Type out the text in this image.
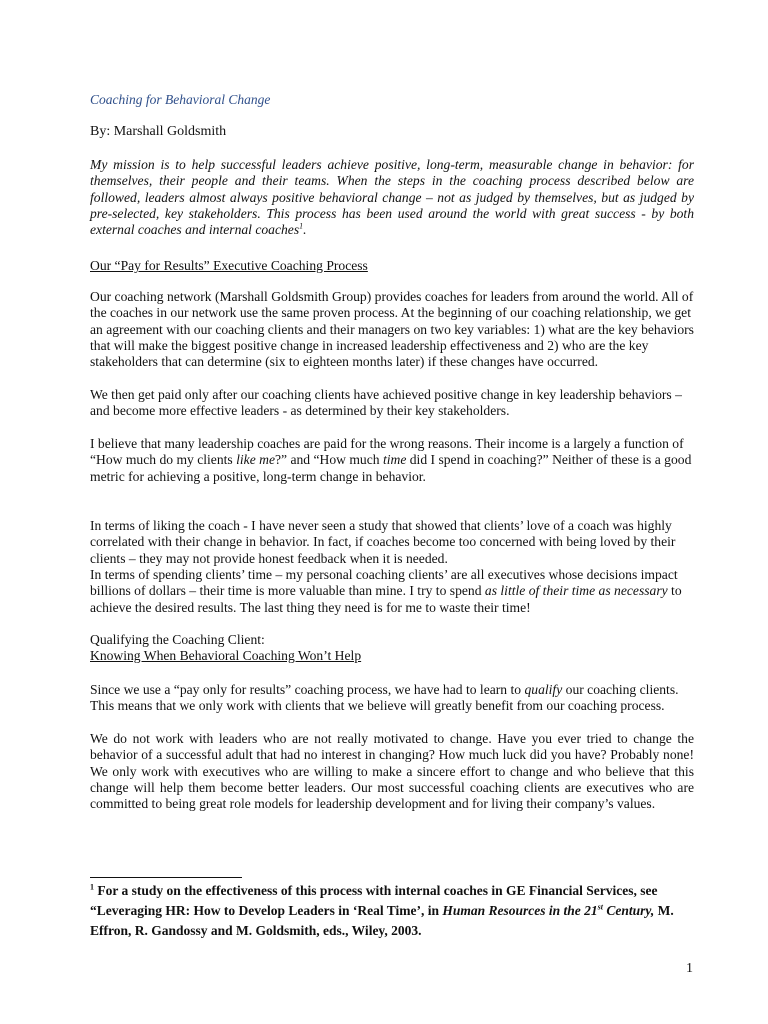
Coaching for Behavioral Change
By: Marshall Goldsmith
My mission is to help successful leaders achieve positive, long-term, measurable change in behavior: for themselves, their people and their teams. When the steps in the coaching process described below are followed, leaders almost always positive behavioral change – not as judged by themselves, but as judged by pre-selected, key stakeholders. This process has been used around the world with great success - by both external coaches and internal coaches$^1$.
Our “Pay for Results” Executive Coaching Process
Our coaching network (Marshall Goldsmith Group) provides coaches for leaders from around the world. All of the coaches in our network use the same proven process. At the beginning of our coaching relationship, we get an agreement with our coaching clients and their managers on two key variables: 1) what are the key behaviors that will make the biggest positive change in increased leadership effectiveness and 2) who are the key stakeholders that can determine (six to eighteen months later) if these changes have occurred.
We then get paid only after our coaching clients have achieved positive change in key leadership behaviors – and become more effective leaders - as determined by their key stakeholders.
I believe that many leadership coaches are paid for the wrong reasons. Their income is a largely a function of “How much do my clients like me?” and “How much time did I spend in coaching?” Neither of these is a good metric for achieving a positive, long-term change in behavior.
In terms of liking the coach - I have never seen a study that showed that clients’ love of a coach was highly correlated with their change in behavior. In fact, if coaches become too concerned with being loved by their clients – they may not provide honest feedback when it is needed.
In terms of spending clients’ time – my personal coaching clients’ are all executives whose decisions impact billions of dollars – their time is more valuable than mine. I try to spend as little of their time as necessary to achieve the desired results. The last thing they need is for me to waste their time!
Qualifying the Coaching Client:
Knowing When Behavioral Coaching Won’t Help
Since we use a “pay only for results” coaching process, we have had to learn to qualify our coaching clients. This means that we only work with clients that we believe will greatly benefit from our coaching process.
We do not work with leaders who are not really motivated to change. Have you ever tried to change the behavior of a successful adult that had no interest in changing? How much luck did you have? Probably none! We only work with executives who are willing to make a sincere effort to change and who believe that this change will help them become better leaders. Our most successful coaching clients are executives who are committed to being great role models for leadership development and for living their company’s values.
$^1$ For a study on the effectiveness of this process with internal coaches in GE Financial Services, see “Leveraging HR: How to Develop Leaders in ‘Real Time’, in Human Resources in the 21st Century, M. Effron, R. Gandossy and M. Goldsmith, eds., Wiley, 2003.
1
